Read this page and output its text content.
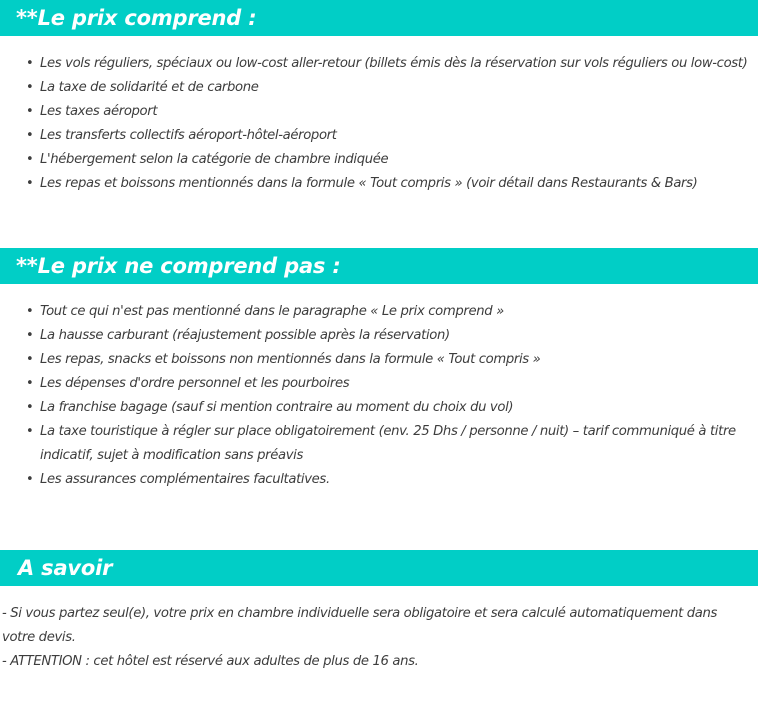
**Le prix comprend :
• Les vols réguliers, spéciaux ou low-cost aller-retour (billets émis dès la réservation sur vols réguliers ou low-cost)
• La taxe de solidarité et de carbone
• Les taxes aéroport
• Les transferts collectifs aéroport-hôtel-aéroport
• L'hébergement selon la catégorie de chambre indiquée
• Les repas et boissons mentionnés dans la formule « Tout compris » (voir détail dans Restaurants & Bars)
**Le prix ne comprend pas :
• Tout ce qui n'est pas mentionné dans le paragraphe « Le prix comprend »
• La hausse carburant (réajustement possible après la réservation)
• Les repas, snacks et boissons non mentionnés dans la formule « Tout compris »
• Les dépenses d'ordre personnel et les pourboires
• La franchise bagage (sauf si mention contraire au moment du choix du vol)
• La taxe touristique à régler sur place obligatoirement (env. 25 Dhs / personne / nuit) – tarif communiqué à titre indicatif, sujet à modification sans préavis
• Les assurances complémentaires facultatives.
A savoir

- Si vous partez seul(e), votre prix en chambre individuelle sera obligatoire et sera calculé automatiquement dans votre devis.

- ATTENTION : cet hôtel est réservé aux adultes de plus de 16 ans.
